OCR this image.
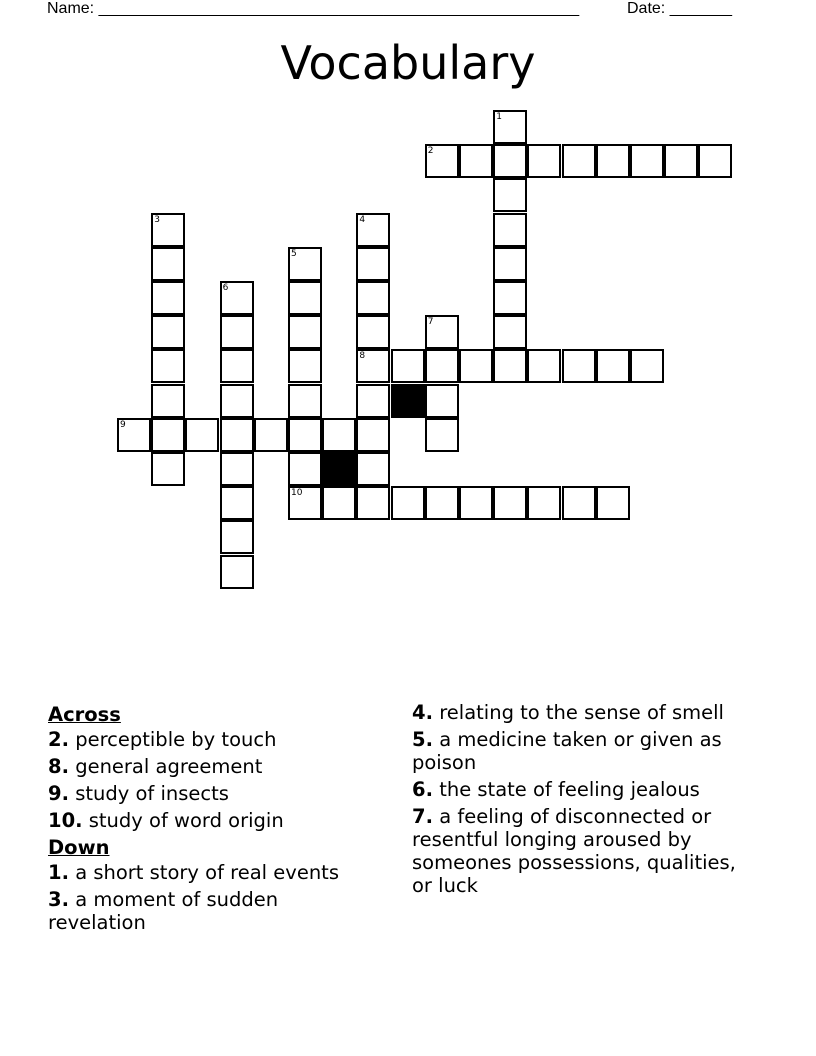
Name: ______________________________________________________	Date: _______
Vocabulary
1
2
3	4
8
5
10
6
7
9
Across
2. perceptible by touch
8. general agreement
9. study of insects
10. study of word origin
Down
1. a short story of real events
3. a moment of sudden revelation
4. relating to the sense of smell
5. a medicine taken or given as poison
6. the state of feeling jealous
7. a feeling of disconnected or resentful longing aroused by someones possessions, qualities, or luck
